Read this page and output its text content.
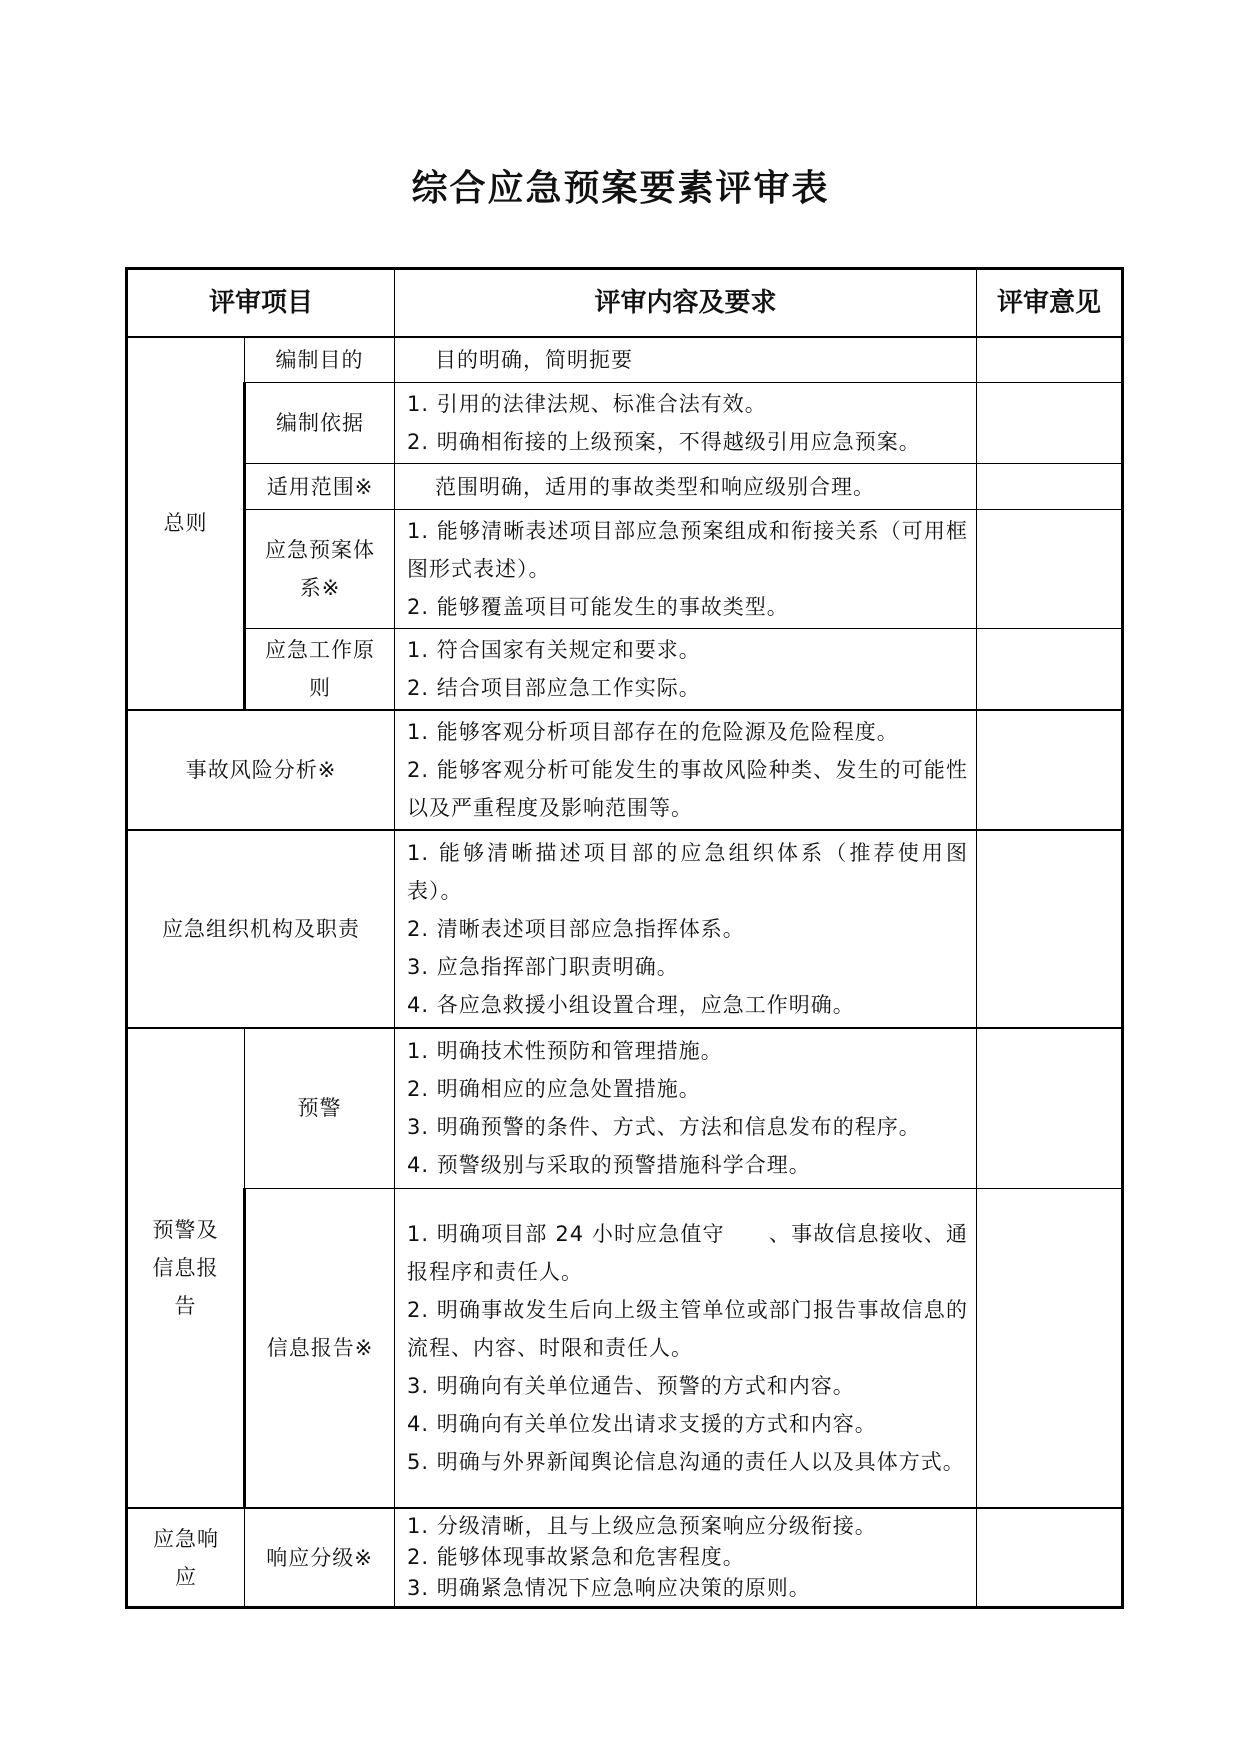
综合应急预案要素评审表
评审项目		评审内容及要求	评审意见
总则	编制目的	目的明确，简明扼要	

	编制依据	1. 引用的法律法规、标准合法有效。
2. 明确相衔接的上级预案，不得越级引用应急预案。	

	适用范围※	范围明确，适用的事故类型和响应级别合理。	

	应急预案体系※	1. 能够清晰表述项目部应急预案组成和衔接关系（可用框图形式表述）。
2. 能够覆盖项目可能发生的事故类型。	

	应急工作原则	1. 符合国家有关规定和要求。
2. 结合项目部应急工作实际。	

事故风险分析※		1. 能够客观分析项目部存在的危险源及危险程度。
2. 能够客观分析可能发生的事故风险种类、发生的可能性以及严重程度及影响范围等。	

应急组织机构及职责		1. 能够清晰描述项目部的应急组织体系（推荐使用图表）。
2. 清晰表述项目部应急指挥体系。
3. 应急指挥部门职责明确。
4. 各应急救援小组设置合理，应急工作明确。	

预警及信息报告	预警	1. 明确技术性预防和管理措施。
2. 明确相应的应急处置措施。
3. 明确预警的条件、方式、方法和信息发布的程序。
4. 预警级别与采取的预警措施科学合理。	

	信息报告※	1. 明确项目部 24 小时应急值守　　、事故信息接收、通报程序和责任人。
2. 明确事故发生后向上级主管单位或部门报告事故信息的流程、内容、时限和责任人。
3. 明确向有关单位通告、预警的方式和内容。
4. 明确向有关单位发出请求支援的方式和内容。
5. 明确与外界新闻舆论信息沟通的责任人以及具体方式。	

应急响应	响应分级※	1. 分级清晰，且与上级应急预案响应分级衔接。
2. 能够体现事故紧急和危害程度。
3. 明确紧急情况下应急响应决策的原则。	
